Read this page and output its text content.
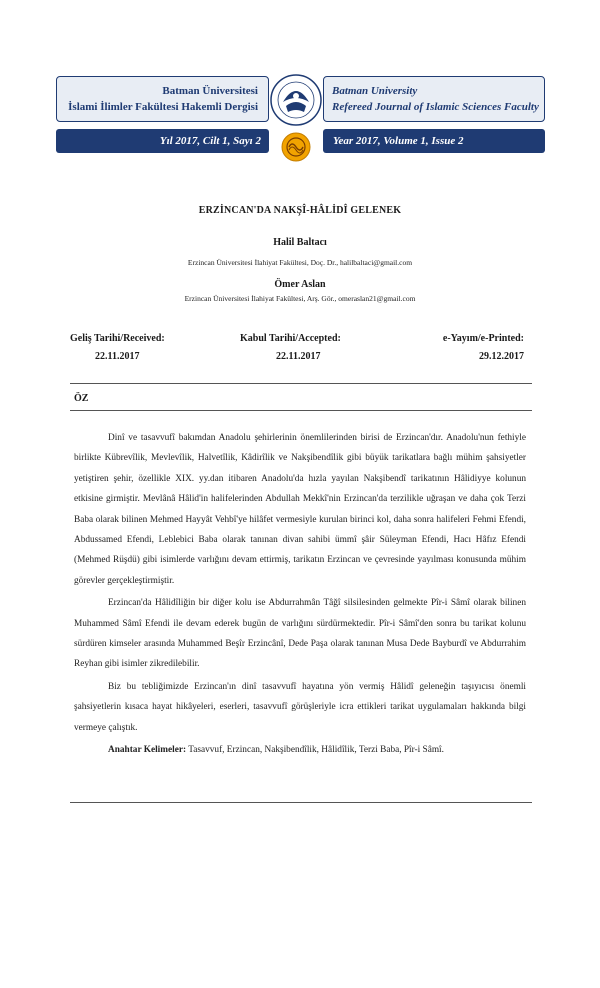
Batman Üniversitesi
İslami İlimler Fakültesi Hakemli Dergisi
Batman University
Refereed Journal of Islamic Sciences Faculty
Yıl 2017, Cilt 1, Sayı 2	Year 2017, Volume 1, Issue 2
ERZİNCAN'DA NAKŞÎ-HÂLİDÎ GELENEK
Halil Baltacı
Erzincan Üniversitesi İlahiyat Fakültesi, Doç. Dr., halilbaltaci@gmail.com
Ömer Aslan
Erzincan Üniversitesi İlahiyat Fakültesi, Arş. Gör., omeraslan21@gmail.com
Geliş Tarihi/Received:
22.11.2017
Kabul Tarihi/Accepted:
22.11.2017
e-Yayım/e-Printed:
29.12.2017
ÖZ

Dinî ve tasavvufî bakımdan Anadolu şehirlerinin önemlilerinden birisi de Erzincan'dır. Anadolu'nun fethiyle birlikte Kübrevîlik, Mevlevîlik, Halvetîlik, Kâdirîlik ve Nakşibendîlik gibi büyük tarikatlara bağlı mühim şahsiyetler yetiştiren şehir, özellikle XIX. yy.dan itibaren Anadolu'da hızla yayılan Nakşibendî tarikatının Hâlidiyye kolunun etkisine girmiştir. Mevlânâ Hâlid'in halifelerinden Abdullah Mekkî'nin Erzincan'da terzilikle uğraşan ve daha çok Terzi Baba olarak bilinen Mehmed Hayyât Vehbî'ye hilâfet vermesiyle kurulan birinci kol, daha sonra halifeleri Fehmi Efendi, Abdussamed Efendi, Leblebici Baba olarak tanınan divan sahibi ümmî şâir Süleyman Efendi, Hacı Hâfız Efendi (Mehmed Rüşdü) gibi isimlerde varlığını devam ettirmiş, tarikatın Erzincan ve çevresinde yayılması konusunda mühim görevler gerçekleştirmiştir.

Erzincan'da Hâlidîliğin bir diğer kolu ise Abdurrahmân Tâğî silsilesinden gelmekte Pîr-i Sâmî olarak bilinen Muhammed Sâmî Efendi ile devam ederek bugün de varlığını sürdürmektedir. Pîr-i Sâmî'den sonra bu tarikat kolunu sürdüren kimseler arasında Muhammed Beşîr Erzincânî, Dede Paşa olarak tanınan Musa Dede Bayburdî ve Abdurrahim Reyhan gibi isimler zikredilebilir.

Biz bu tebliğimizde Erzincan'ın dinî tasavvufî hayatına yön vermiş Hâlidî geleneğin taşıyıcısı önemli şahsiyetlerin kısaca hayat hikâyeleri, eserleri, tasavvufî görüşleriyle icra ettikleri tarikat uygulamaları hakkında bilgi vermeye çalıştık.

Anahtar Kelimeler: Tasavvuf, Erzincan, Nakşibendîlik, Hâlidîlik, Terzi Baba, Pîr-i Sâmî.
